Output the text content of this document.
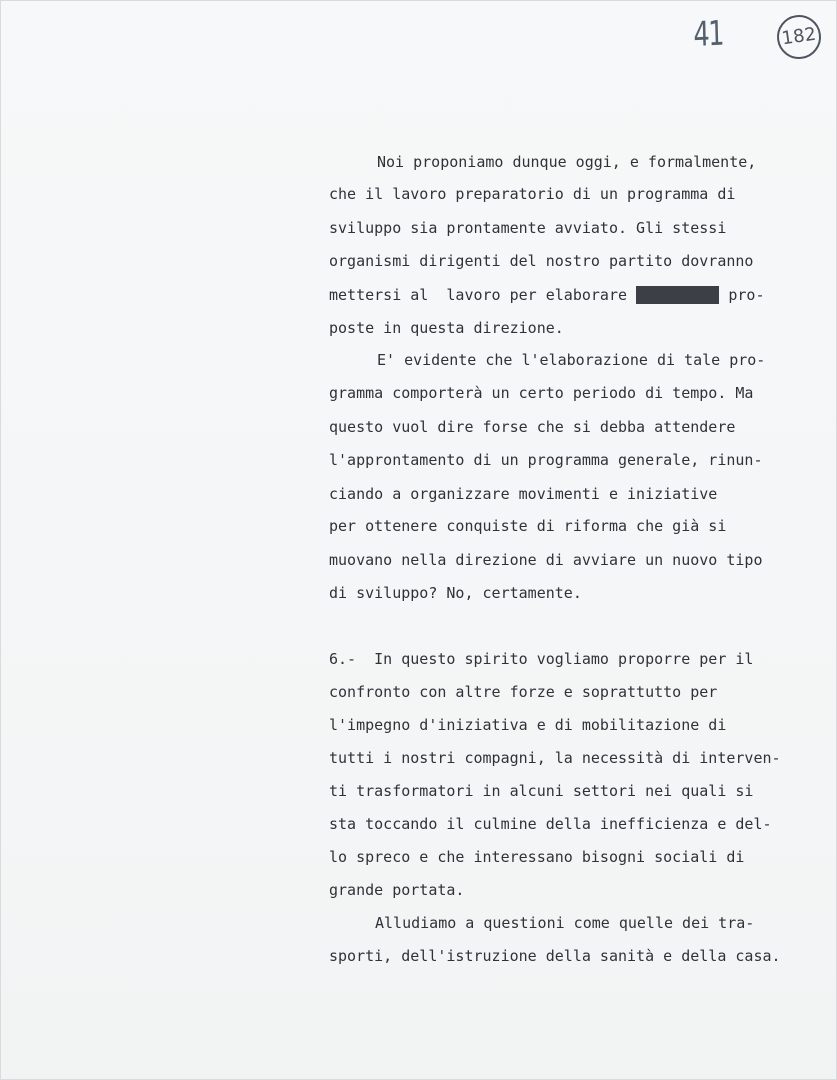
41	182
Noi proponiamo dunque oggi, e formalmente,
che il lavoro preparatorio di un programma di
sviluppo sia prontamente avviato. Gli stessi
organismi dirigenti del nostro partito dovranno
mettersi al  lavoro per elaborare le nostre pro-
poste in questa direzione.
E' evidente che l'elaborazione di tale pro-
gramma comporterà un certo periodo di tempo. Ma
questo vuol dire forse che si debba attendere
l'approntamento di un programma generale, rinun-
ciando a organizzare movimenti e iniziative
per ottenere conquiste di riforma che già si
muovano nella direzione di avviare un nuovo tipo
di sviluppo? No, certamente.
6.-  In questo spirito vogliamo proporre per il
confronto con altre forze e soprattutto per
l'impegno d'iniziativa e di mobilitazione di
tutti i nostri compagni, la necessità di interven-
ti trasformatori in alcuni settori nei quali si
sta toccando il culmine della inefficienza e del-
lo spreco e che interessano bisogni sociali di
grande portata.
Alludiamo a questioni come quelle dei tra-
sporti, dell'istruzione della sanità e della casa.
